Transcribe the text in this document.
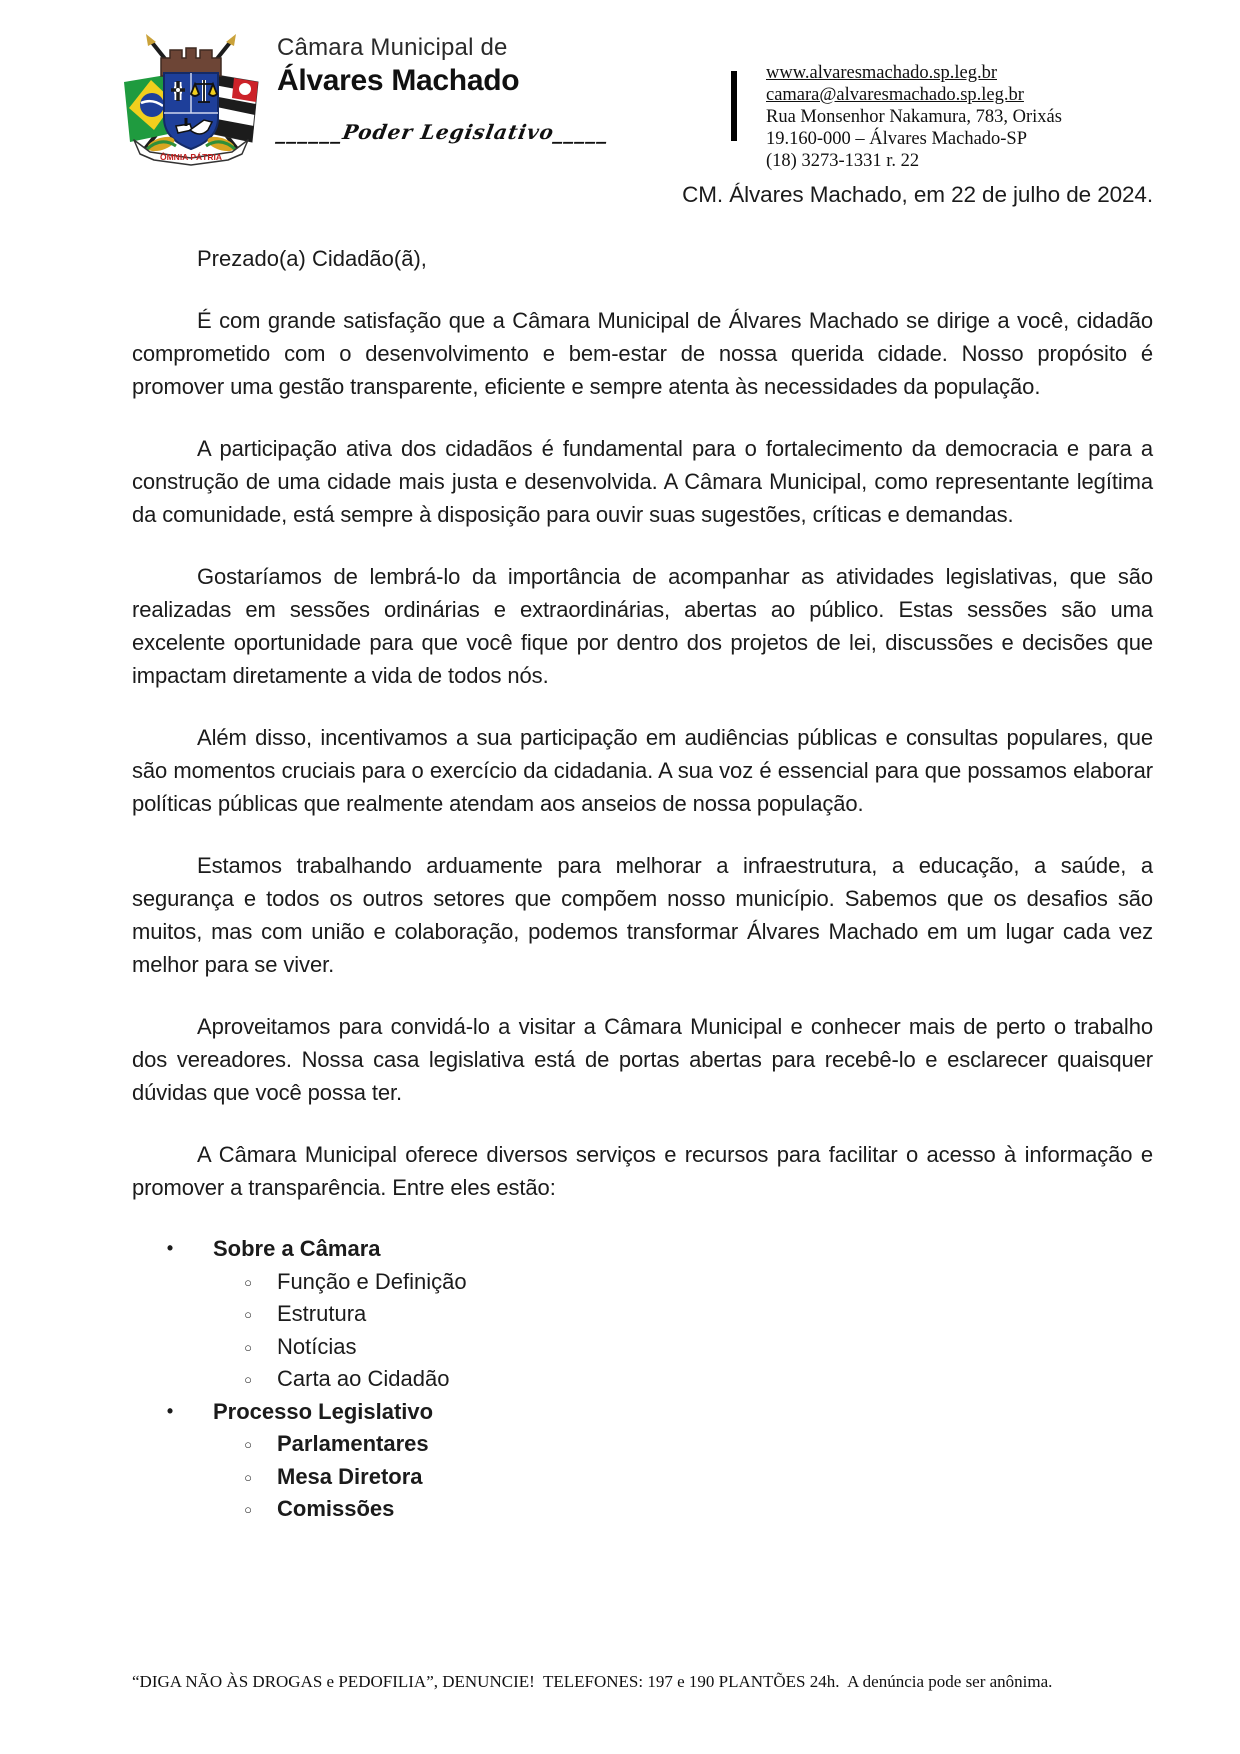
ÔMNIA PÁTRIA
Câmara Municipal de
Álvares Machado
______Poder Legislativo_____
www.alvaresmachado.sp.leg.br
camara@alvaresmachado.sp.leg.br
Rua Monsenhor Nakamura, 783, Orixás
19.160-000 – Álvares Machado-SP
(18) 3273-1331 r. 22
CM. Álvares Machado, em 22 de julho de 2024.
Prezado(a) Cidadão(ã),

É com grande satisfação que a Câmara Municipal de Álvares Machado se dirige a você, cidadão comprometido com o desenvolvimento e bem-estar de nossa querida cidade. Nosso propósito é promover uma gestão transparente, eficiente e sempre atenta às necessidades da população.

A participação ativa dos cidadãos é fundamental para o fortalecimento da democracia e para a construção de uma cidade mais justa e desenvolvida. A Câmara Municipal, como representante legítima da comunidade, está sempre à disposição para ouvir suas sugestões, críticas e demandas.

Gostaríamos de lembrá-lo da importância de acompanhar as atividades legislativas, que são realizadas em sessões ordinárias e extraordinárias, abertas ao público. Estas sessões são uma excelente oportunidade para que você fique por dentro dos projetos de lei, discussões e decisões que impactam diretamente a vida de todos nós.

Além disso, incentivamos a sua participação em audiências públicas e consultas populares, que são momentos cruciais para o exercício da cidadania. A sua voz é essencial para que possamos elaborar políticas públicas que realmente atendam aos anseios de nossa população.

Estamos trabalhando arduamente para melhorar a infraestrutura, a educação, a saúde, a segurança e todos os outros setores que compõem nosso município. Sabemos que os desafios são muitos, mas com união e colaboração, podemos transformar Álvares Machado em um lugar cada vez melhor para se viver.

Aproveitamos para convidá-lo a visitar a Câmara Municipal e conhecer mais de perto o trabalho dos vereadores. Nossa casa legislativa está de portas abertas para recebê-lo e esclarecer quaisquer dúvidas que você possa ter.

A Câmara Municipal oferece diversos serviços e recursos para facilitar o acesso à informação e promover a transparência. Entre eles estão:

•	Sobre a Câmara
○ Função e Definição
○ Estrutura
○ Notícias
○ Carta ao Cidadão
•	Processo Legislativo
○ Parlamentares
○ Mesa Diretora
○ Comissões
“DIGA NÃO ÀS DROGAS e PEDOFILIA”, DENUNCIE!  TELEFONES: 197 e 190 PLANTÕES 24h.  A denúncia pode ser anônima.
